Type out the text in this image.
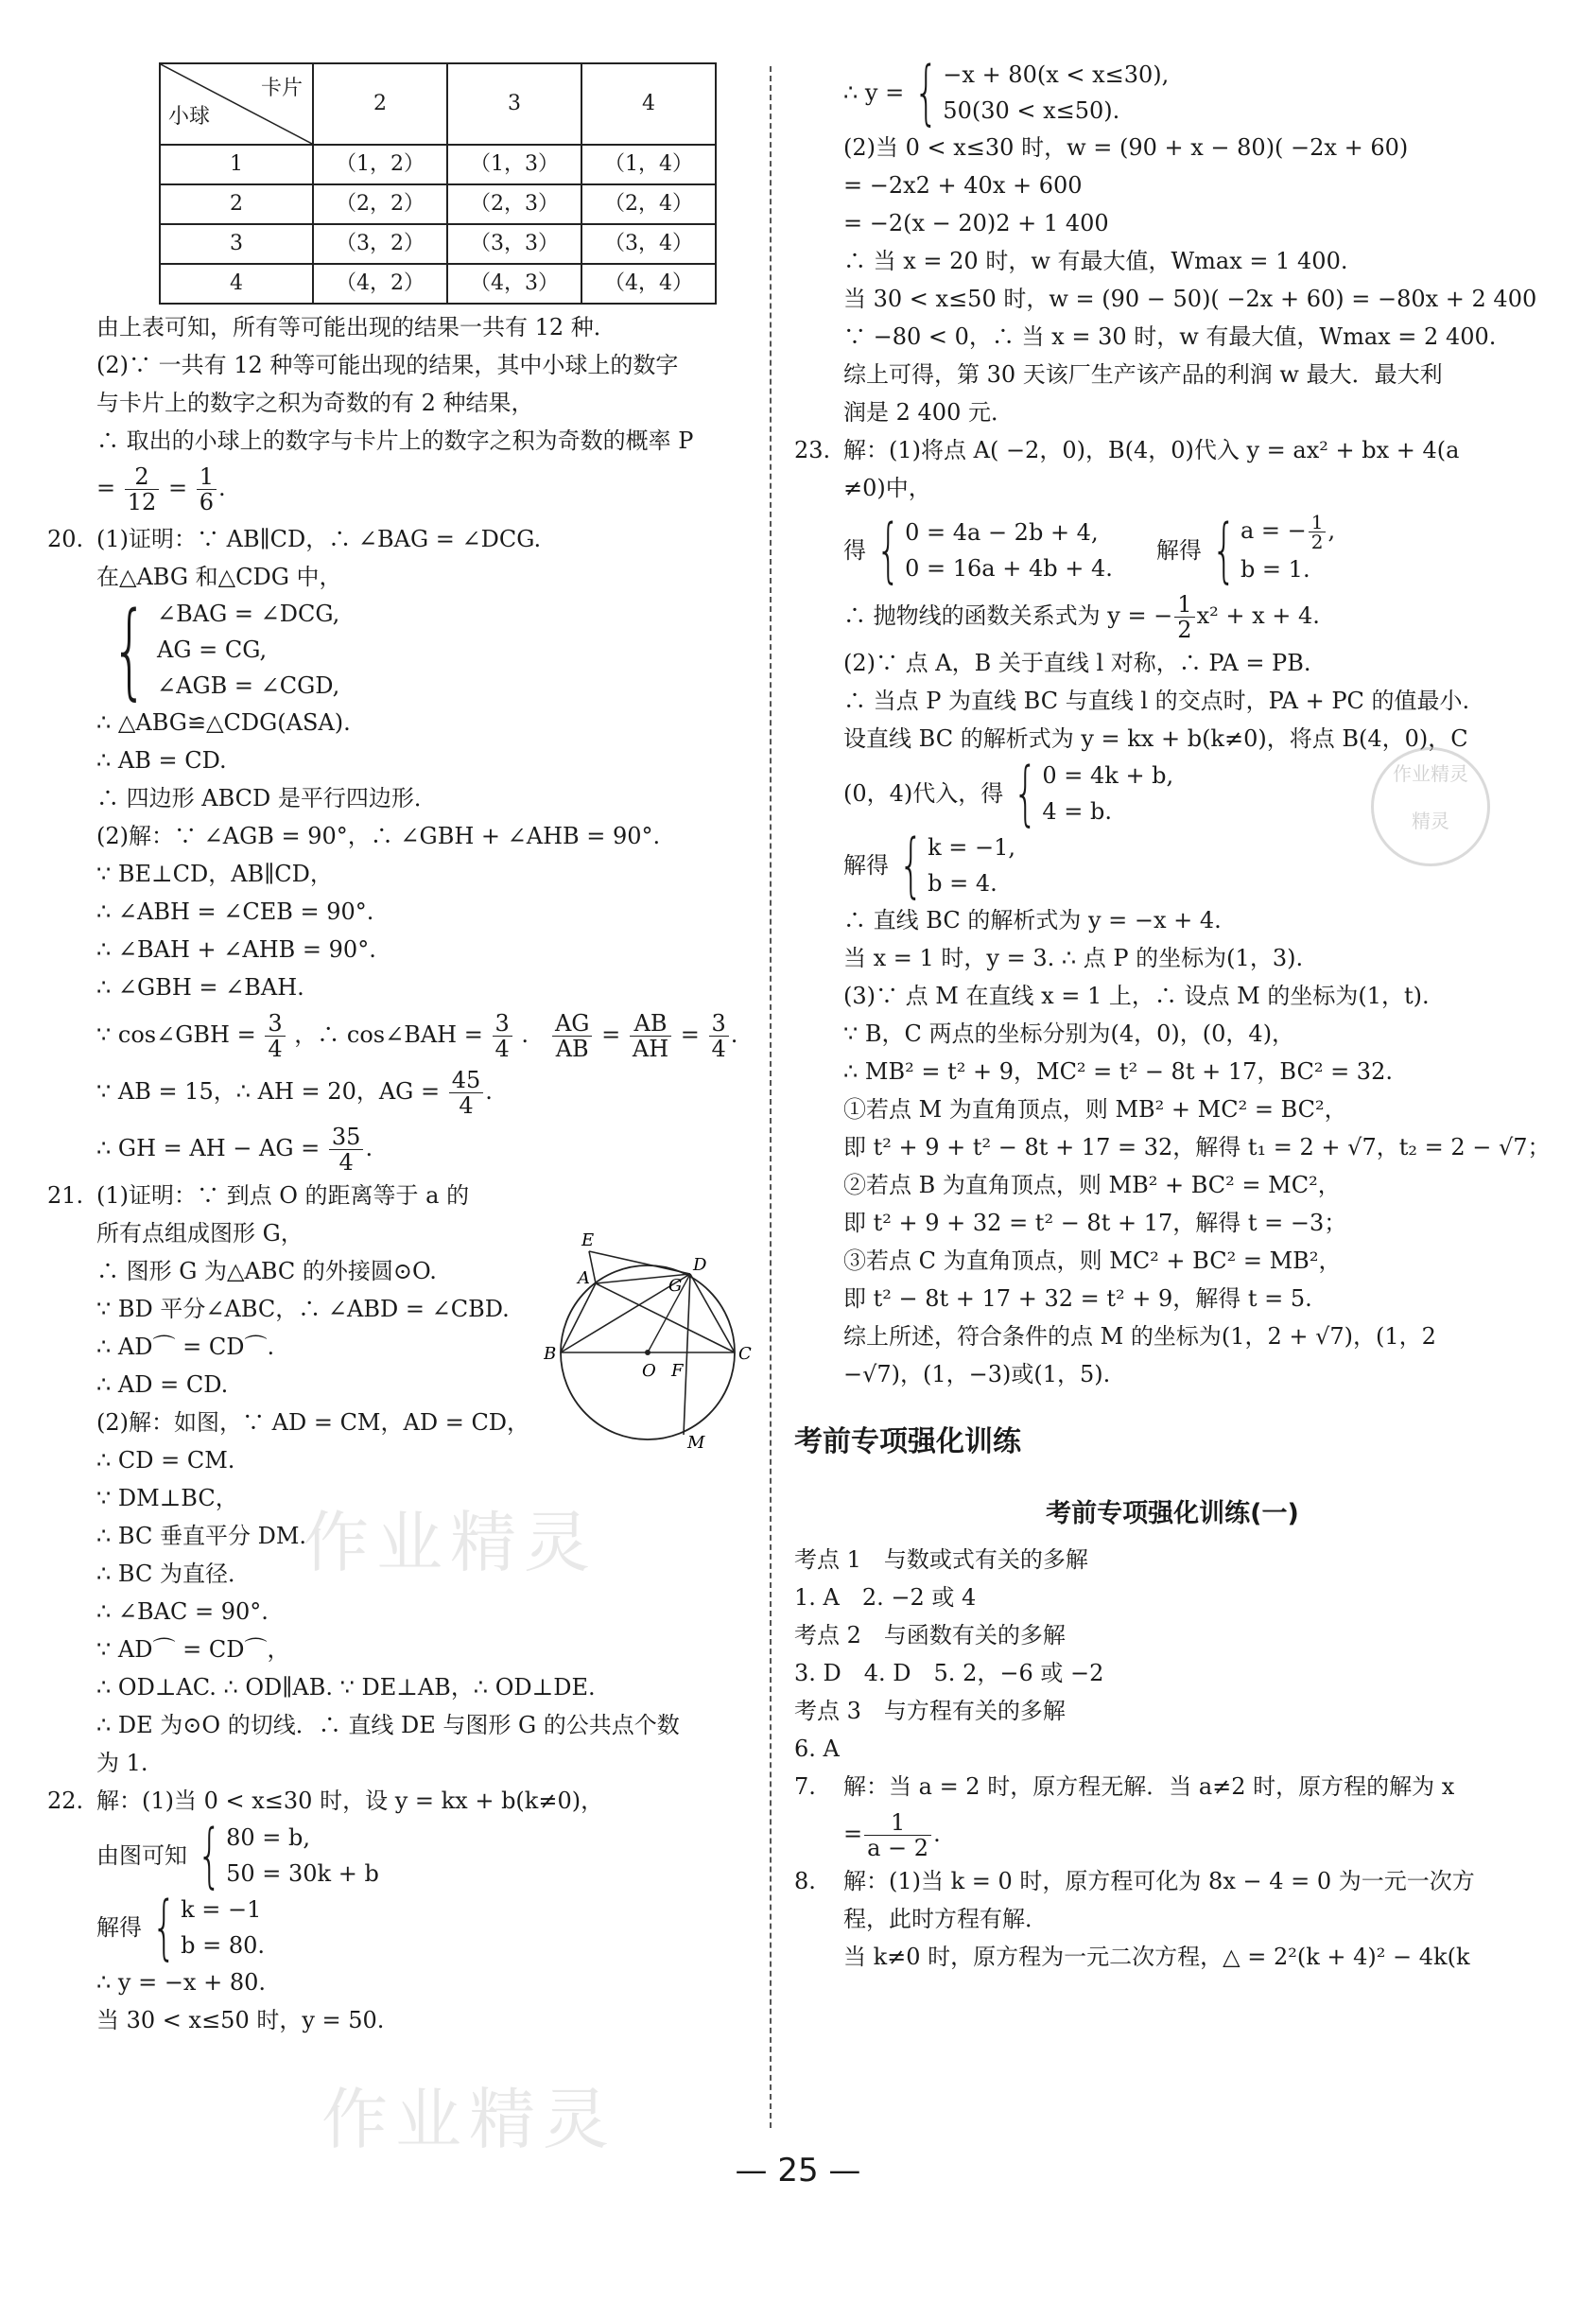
卡片
小球	2	3	4
1	（1，2）	（1，3）	（1，4）
2	（2，2）	（2，3）	（2，4）
3	（3，2）	（3，3）	（3，4）
4	（4，2）	（4，3）	（4，4）
由上表可知，所有等可能出现的结果一共有 12 种．
(2)∵ 一共有 12 种等可能出现的结果，其中小球上的数字
与卡片上的数字之积为奇数的有 2 种结果，
∴ 取出的小球上的数字与卡片上的数字之积为奇数的概率 P
= $\frac{2}{12} = \frac{1}{6}$ .
20. (1)证明：∵ AB∥CD，∴ ∠BAG = ∠DCG.
在△ABG 和△CDG 中，
{ ∠BAG = ∠DCG,
AG = CG,
∠AGB = ∠CGD,
∴ △ABG≌△CDG(ASA).
∴ AB = CD.
∴ 四边形 ABCD 是平行四边形．
(2)解：∵ ∠AGB = 90°，∴ ∠GBH + ∠AHB = 90°.
∵ BE⊥CD，AB∥CD，
∴ ∠ABH = ∠CEB = 90°.
∴ ∠BAH + ∠AHB = 90°.
∴ ∠GBH = ∠BAH.
∵ cos∠GBH = $\frac{3}{4}$ ，∴ cos∠BAH = $\frac{3}{4}$ . $\frac{AG}{AB} = \frac{AB}{AH} = \frac{3}{4}$ .
∵ AB = 15，∴ AH = 20，AG = $\frac{45}{4}$ .
∴ GH = AH − AG = $\frac{35}{4}$ .
21. (1)证明：∵ 到点 O 的距离等于 a 的
所有点组成图形 G，
∴ 图形 G 为△ABC 的外接圆⊙O.
∵ BD 平分∠ABC，∴ ∠ABD = ∠CBD.
∴ AD⌒ = CD⌒.
∴ AD = CD.
(2)解：如图，∵ AD = CM，AD = CD，
∴ CD = CM.
∵ DM⊥BC，
∴ BC 垂直平分 DM.
∴ BC 为直径．
∴ ∠BAC = 90°.
∵ AD⌒ = CD⌒，
∴ OD⊥AC. ∴ OD∥AB. ∵ DE⊥AB，∴ OD⊥DE.
∴ DE 为⊙O 的切线．∴ 直线 DE 与图形 G 的公共点个数
为 1.
22. 解：(1)当 0 < x≤30 时，设 y = kx + b(k≠0)，
由图可知 { 80 = b,
50 = 30k + b
解得 { k = −1
b = 80.
∴ y = −x + 80.
当 30 < x≤50 时，y = 50.
E
A
D
G
B
O F
C
M
∴ y = { −x + 80(x < x≤30),
50(30 < x≤50).
(2)当 0 < x≤30 时，w = (90 + x − 80)( −2x + 60)
= −2x2 + 40x + 600
= −2(x − 20)2 + 1 400
∴ 当 x = 20 时，w 有最大值，Wmax = 1 400.
当 30 < x≤50 时，w = (90 − 50)( −2x + 60) = −80x + 2 400
∵ −80 < 0，∴ 当 x = 30 时，w 有最大值，Wmax = 2 400.
综上可得，第 30 天该厂生产该产品的利润 w 最大．最大利
润是 2 400 元．
23. 解：(1)将点 A( −2，0)，B(4，0)代入 y = ax² + bx + 4(a
≠0)中，
得 { 0 = 4a − 2b + 4,
0 = 16a + 4b + 4.
解得 { a = − $\frac{1}{2}$ ,
b = 1.
∴ 抛物线的函数关系式为 y = − $\frac{1}{2} x^2 + x + 4$.
(2)∵ 点 A，B 关于直线 l 对称，∴ PA = PB.
∴ 当点 P 为直线 BC 与直线 l 的交点时，PA + PC 的值最小.
设直线 BC 的解析式为 y = kx + b(k≠0)，将点 B(4，0)，C
(0，4)代入，得 { 0 = 4k + b,
4 = b.
解得 { k = −1,
b = 4.
∴ 直线 BC 的解析式为 y = −x + 4.
当 x = 1 时，y = 3. ∴ 点 P 的坐标为(1，3).
(3)∵ 点 M 在直线 x = 1 上，∴ 设点 M 的坐标为(1，t).
∵ B，C 两点的坐标分别为(4，0)，(0，4)，
∴ MB² = t² + 9，MC² = t² − 8t + 17，BC² = 32.
①若点 M 为直角顶点，则 MB² + MC² = BC²，
即 t² + 9 + t² − 8t + 17 = 32，解得 t₁ = 2 + √7，t₂ = 2 − √7；
②若点 B 为直角顶点，则 MB² + BC² = MC²，
即 t² + 9 + 32 = t² − 8t + 17，解得 t = −3；
③若点 C 为直角顶点，则 MC² + BC² = MB²，
即 t² − 8t + 17 + 32 = t² + 9，解得 t = 5.
综上所述，符合条件的点 M 的坐标为(1，2 + √7)，(1，2
−√7)，(1，−3)或(1，5).
考前专项强化训练
考前专项强化训练(一)
考点 1　与数或式有关的多解
1. A　2. −2 或 4
考点 2　与函数有关的多解
3. D　4. D　5. 2，−6 或 −2
考点 3　与方程有关的多解
6. A
7. 解：当 a = 2 时，原方程无解．当 a≠2 时，原方程的解为 x
= $\frac{1}{a - 2}$ .
8. 解：(1)当 k = 0 时，原方程可化为 8x − 4 = 0 为一元一次方
程，此时方程有解．
当 k≠0 时，原方程为一元二次方程，△ = 2²(k + 4)² − 4k(k
作业精灵
作业精灵
作业精灵
精灵
— 25 —
